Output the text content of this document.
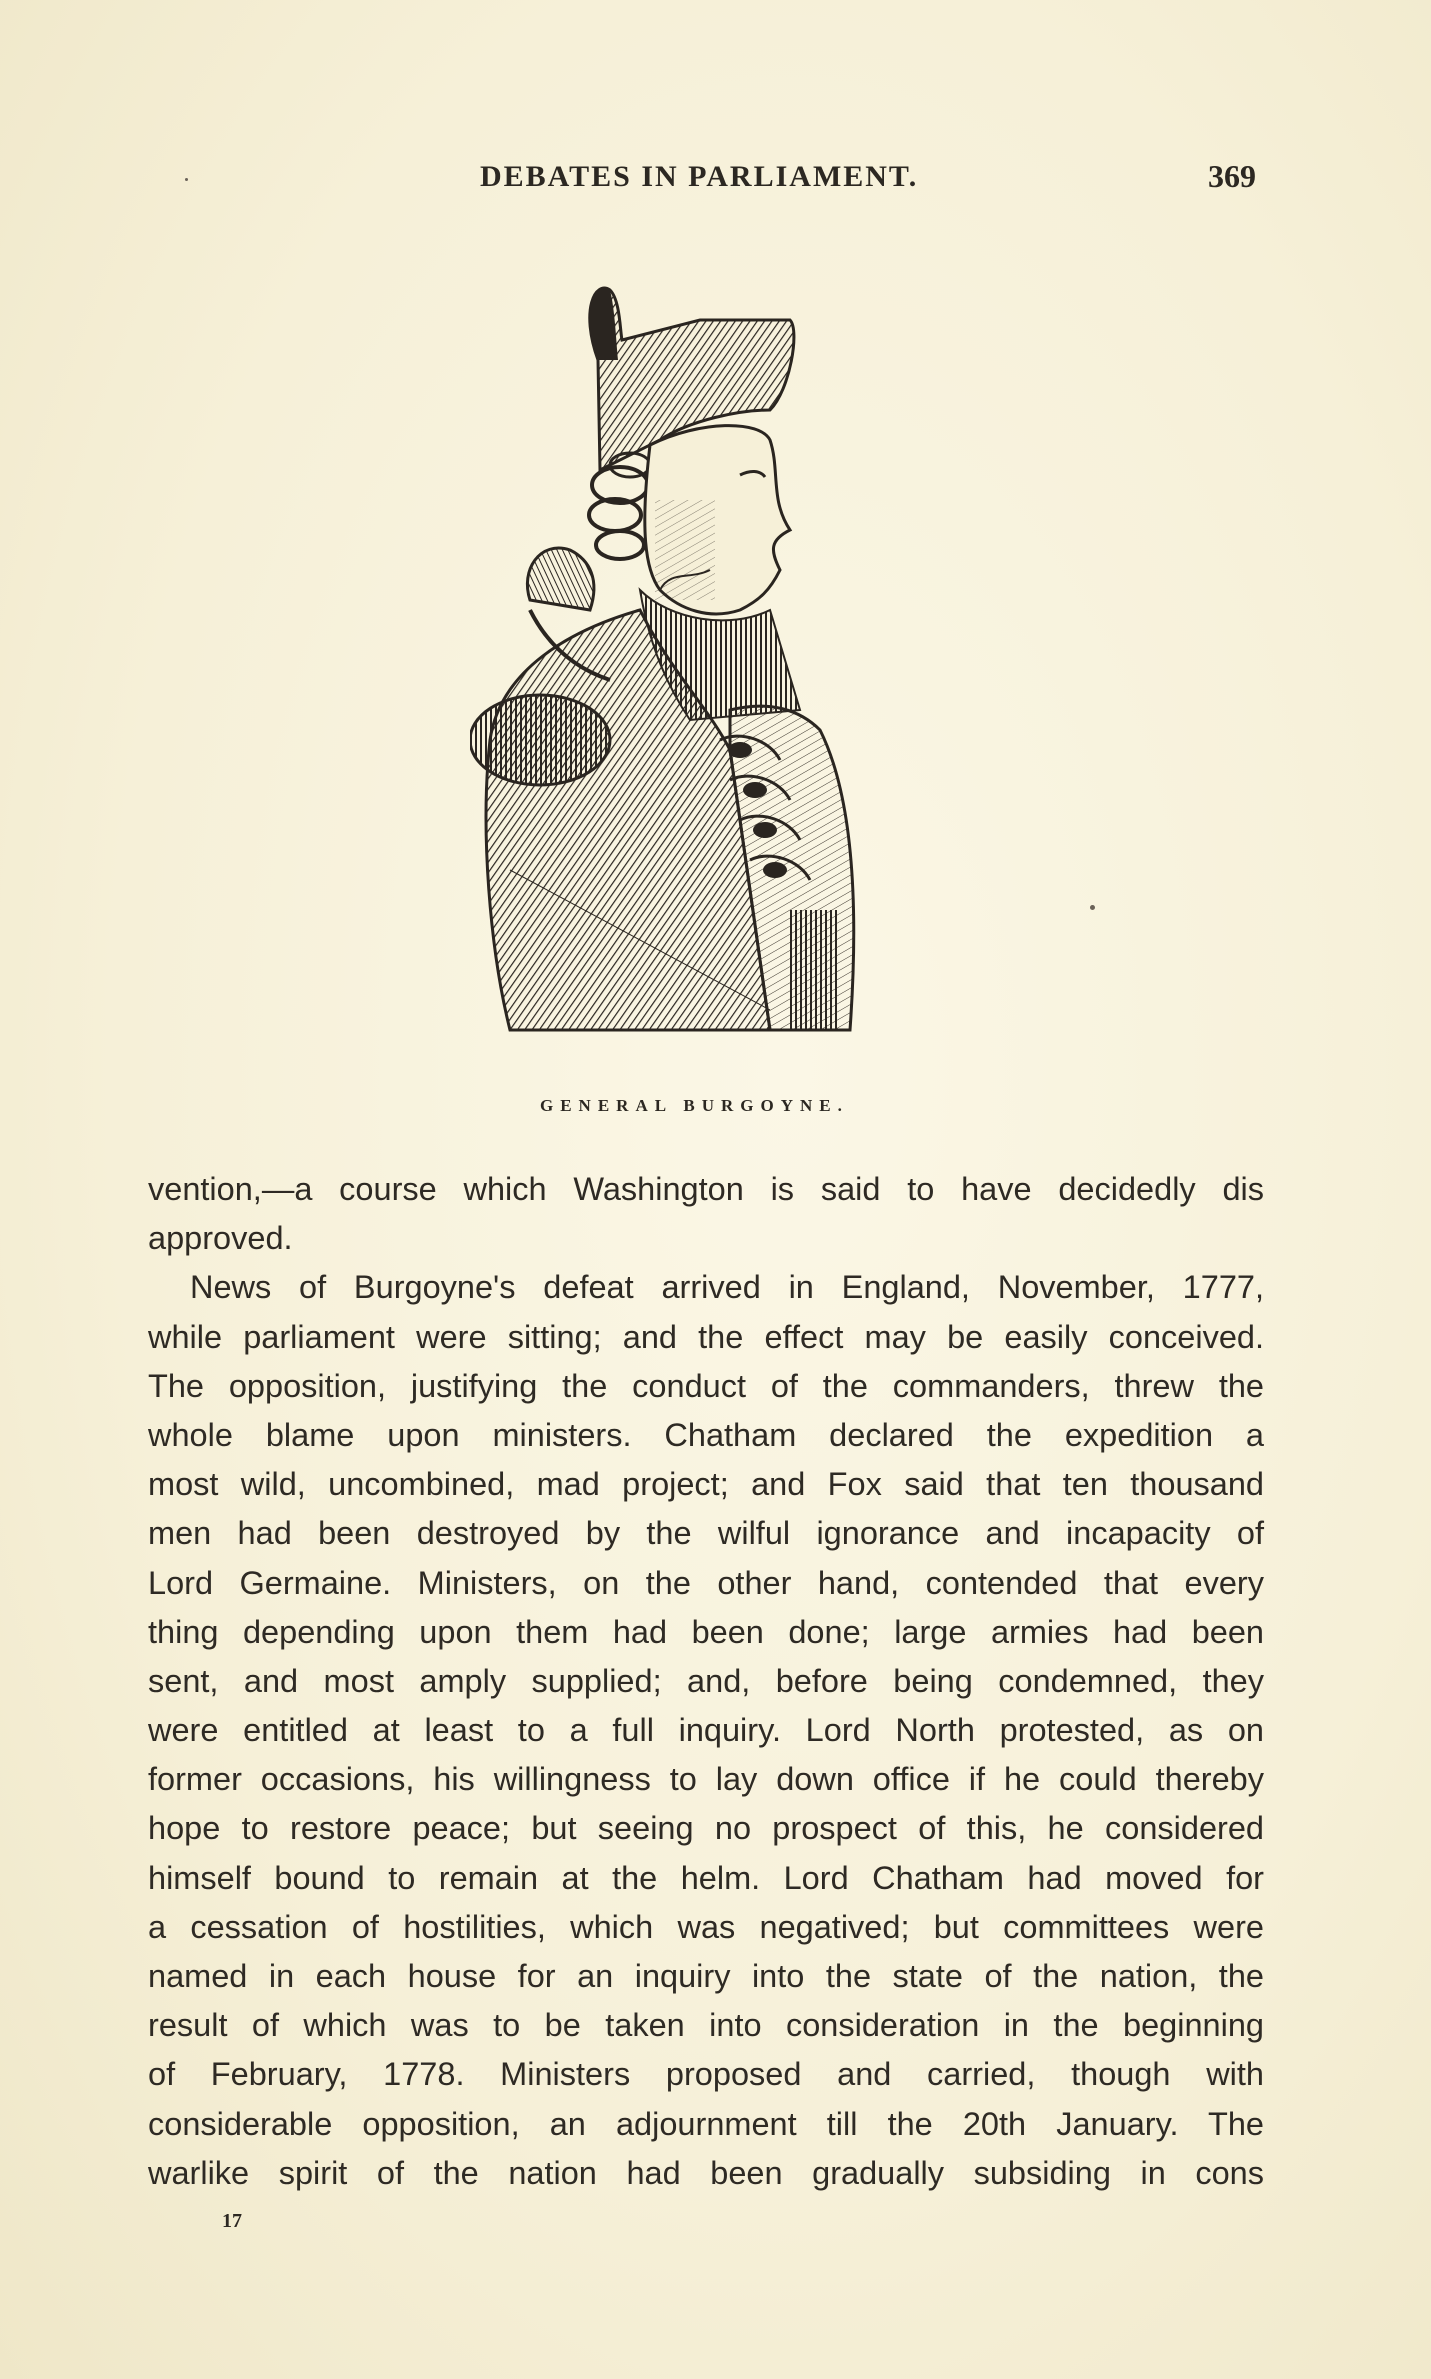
DEBATES IN PARLIAMENT.	369
GENERAL BURGOYNE.
vention,—a course which Washington is said to have decidedly dis
approved.
News of Burgoyne's defeat arrived in England, November, 1777,
while parliament were sitting; and the effect may be easily conceived.
The opposition, justifying the conduct of the commanders, threw the
whole blame upon ministers. Chatham declared the expedition a
most wild, uncombined, mad project; and Fox said that ten thousand
men had been destroyed by the wilful ignorance and incapacity of
Lord Germaine. Ministers, on the other hand, contended that every
thing depending upon them had been done; large armies had been
sent, and most amply supplied; and, before being condemned, they
were entitled at least to a full inquiry. Lord North protested, as on
former occasions, his willingness to lay down office if he could thereby
hope to restore peace; but seeing no prospect of this, he considered
himself bound to remain at the helm. Lord Chatham had moved for
a cessation of hostilities, which was negatived; but committees were
named in each house for an inquiry into the state of the nation, the
result of which was to be taken into consideration in the beginning
of February, 1778. Ministers proposed and carried, though with
considerable opposition, an adjournment till the 20th January. The
warlike spirit of the nation had been gradually subsiding in cons
17
